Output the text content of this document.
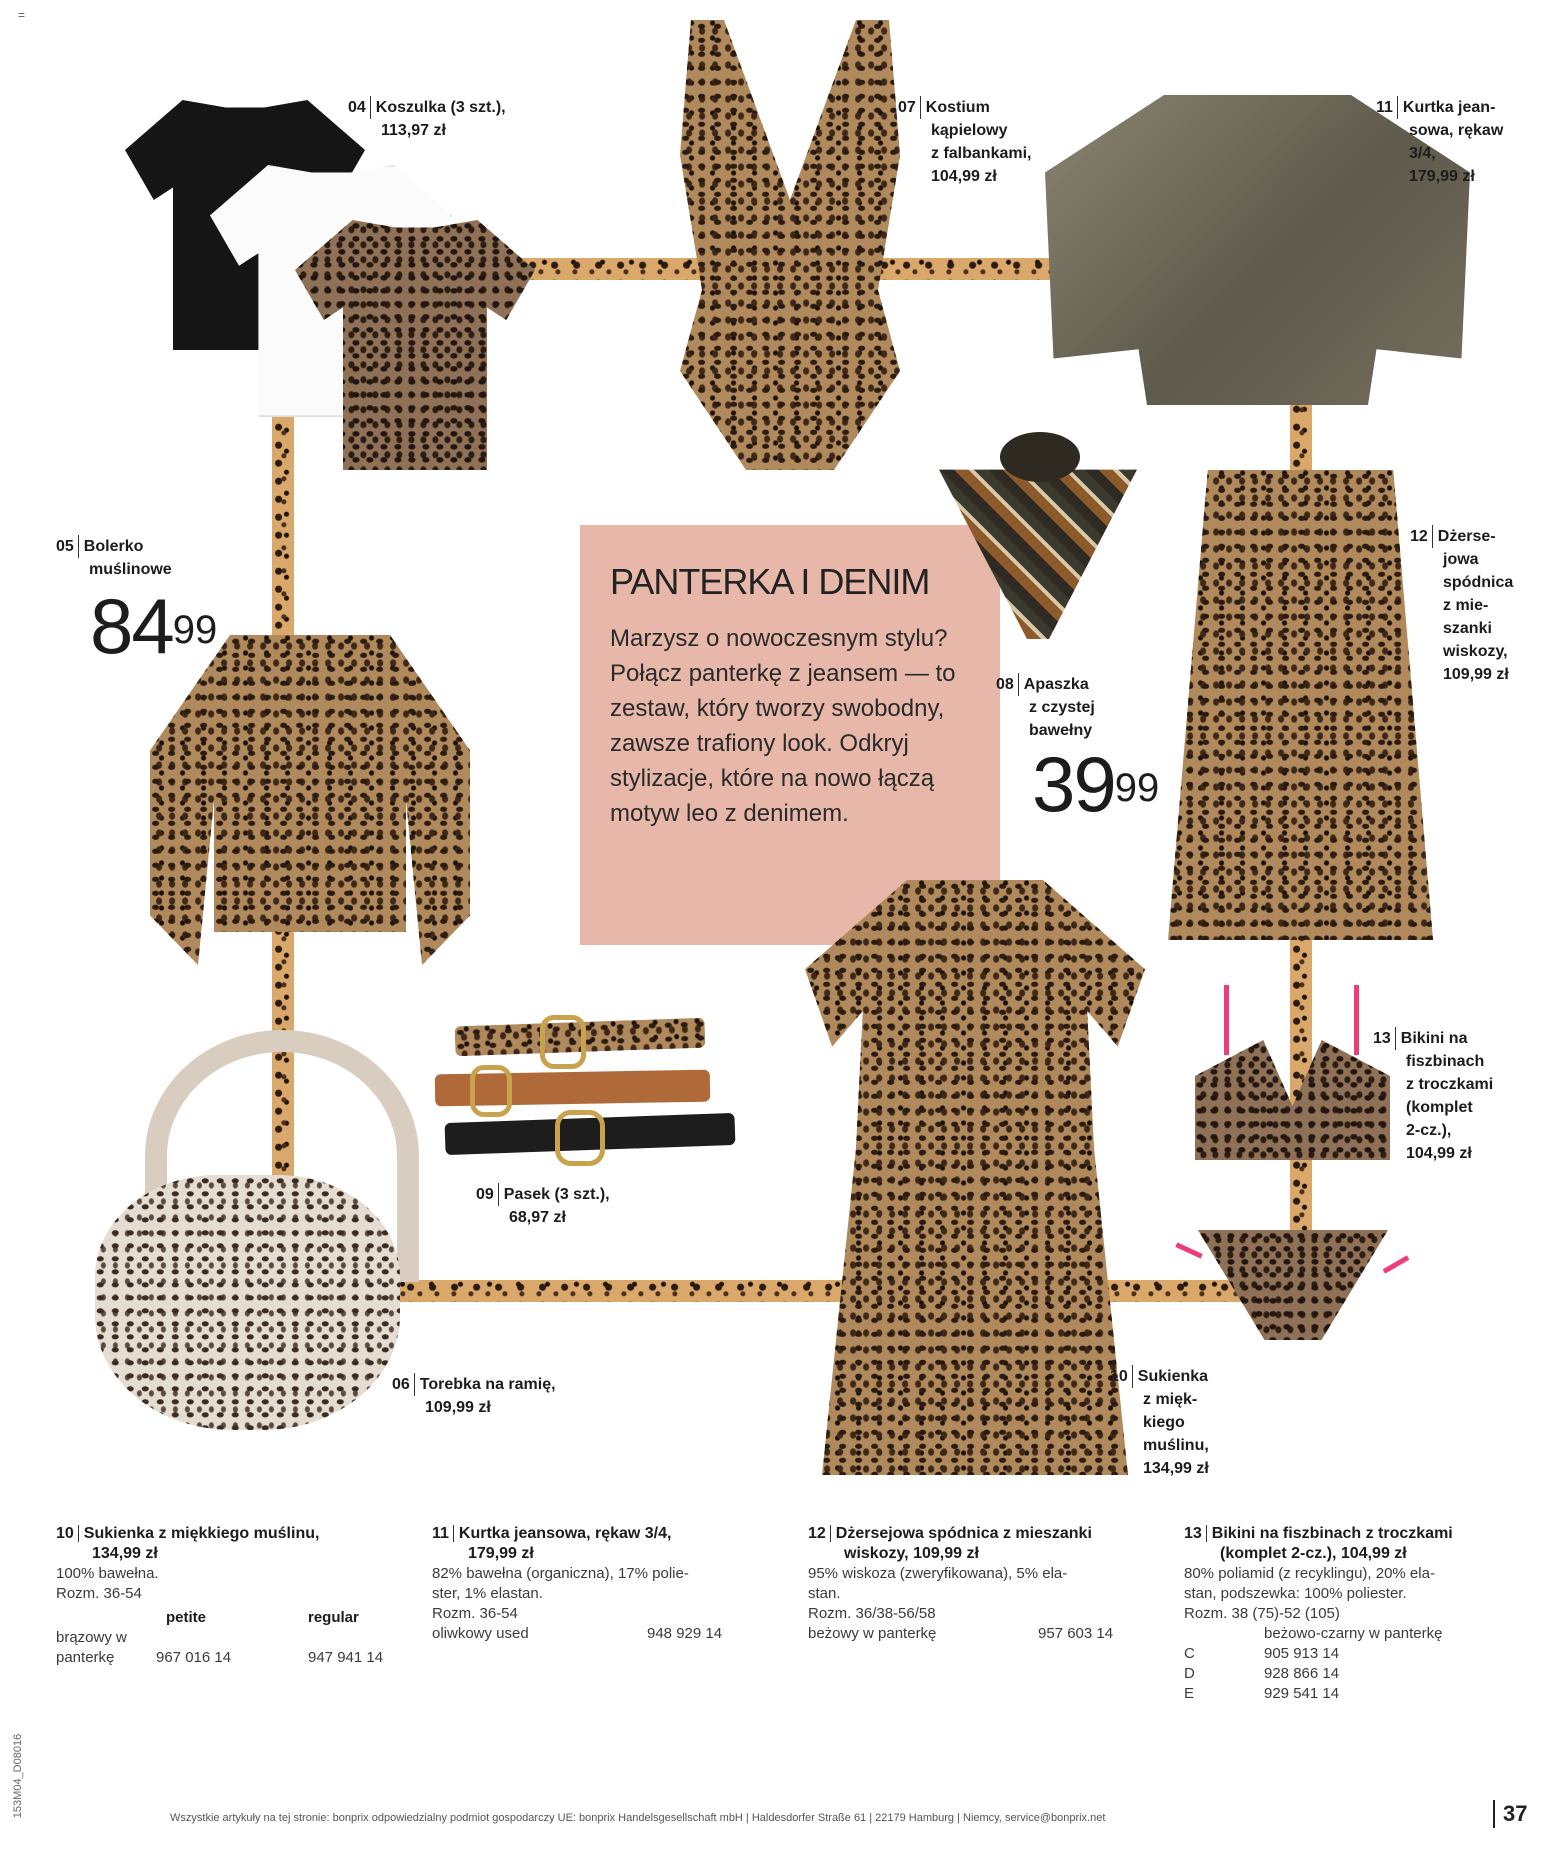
=
153M04_D08016
04 Koszulka (3 szt.),
113,97 zł
07 Kostium
kąpielowy
z falbankami,
104,99 zł
11 Kurtka jean-
sowa, rękaw
3/4,
179,99 zł
05 Bolerko
muślinowe
$84^{99}$
PANTERKA I DENIM
Marzysz o nowoczesnym stylu? Połącz panterkę z jeansem — to zestaw, który tworzy swobodny, zawsze trafiony look. Odkryj stylizacje, które na nowo łączą motyw leo z denimem.
08 Apaszka
z czystej
bawełny
$39^{99}$
12 Dżerse-
jowa
spódnica
z mie-
szanki
wiskozy,
109,99 zł
09 Pasek (3 szt.),
68,97 zł
06 Torebka na ramię,
109,99 zł
10 Sukienka
z mięk-
kiego
muślinu,
134,99 zł
13 Bikini na
fiszbinach
z troczkami
(komplet
2-cz.),
104,99 zł
10 Sukienka z miękkiego muślinu,
134,99 zł
100% bawełna.
Rozm. 36-54
	petite	regular
brązowy w		
panterkę	967 016 14	947 941 14
11 Kurtka jeansowa, rękaw 3/4,
179,99 zł
82% bawełna (organiczna), 17% polie-
ster, 1% elastan.
Rozm. 36-54
oliwkowy used	948 929 14
12 Dżersejowa spódnica z mieszanki
wiskozy, 109,99 zł
95% wiskoza (zweryfikowana), 5% ela-
stan.
Rozm. 36/38-56/58
beżowy w panterkę	957 603 14
13 Bikini na fiszbinach z troczkami
(komplet 2-cz.), 104,99 zł
80% poliamid (z recyklingu), 20% ela-
stan, podszewka: 100% poliester.
Rozm. 38 (75)-52 (105)
beżowo-czarny w panterkę
C	905 913 14
D	928 866 14
E	929 541 14
Wszystkie artykuły na tej stronie: bonprix odpowiedzialny podmiot gospodarczy UE: bonprix Handelsgesellschaft mbH | Haldesdorfer Straße 61 | 22179 Hamburg | Niemcy, service@bonprix.net	37
